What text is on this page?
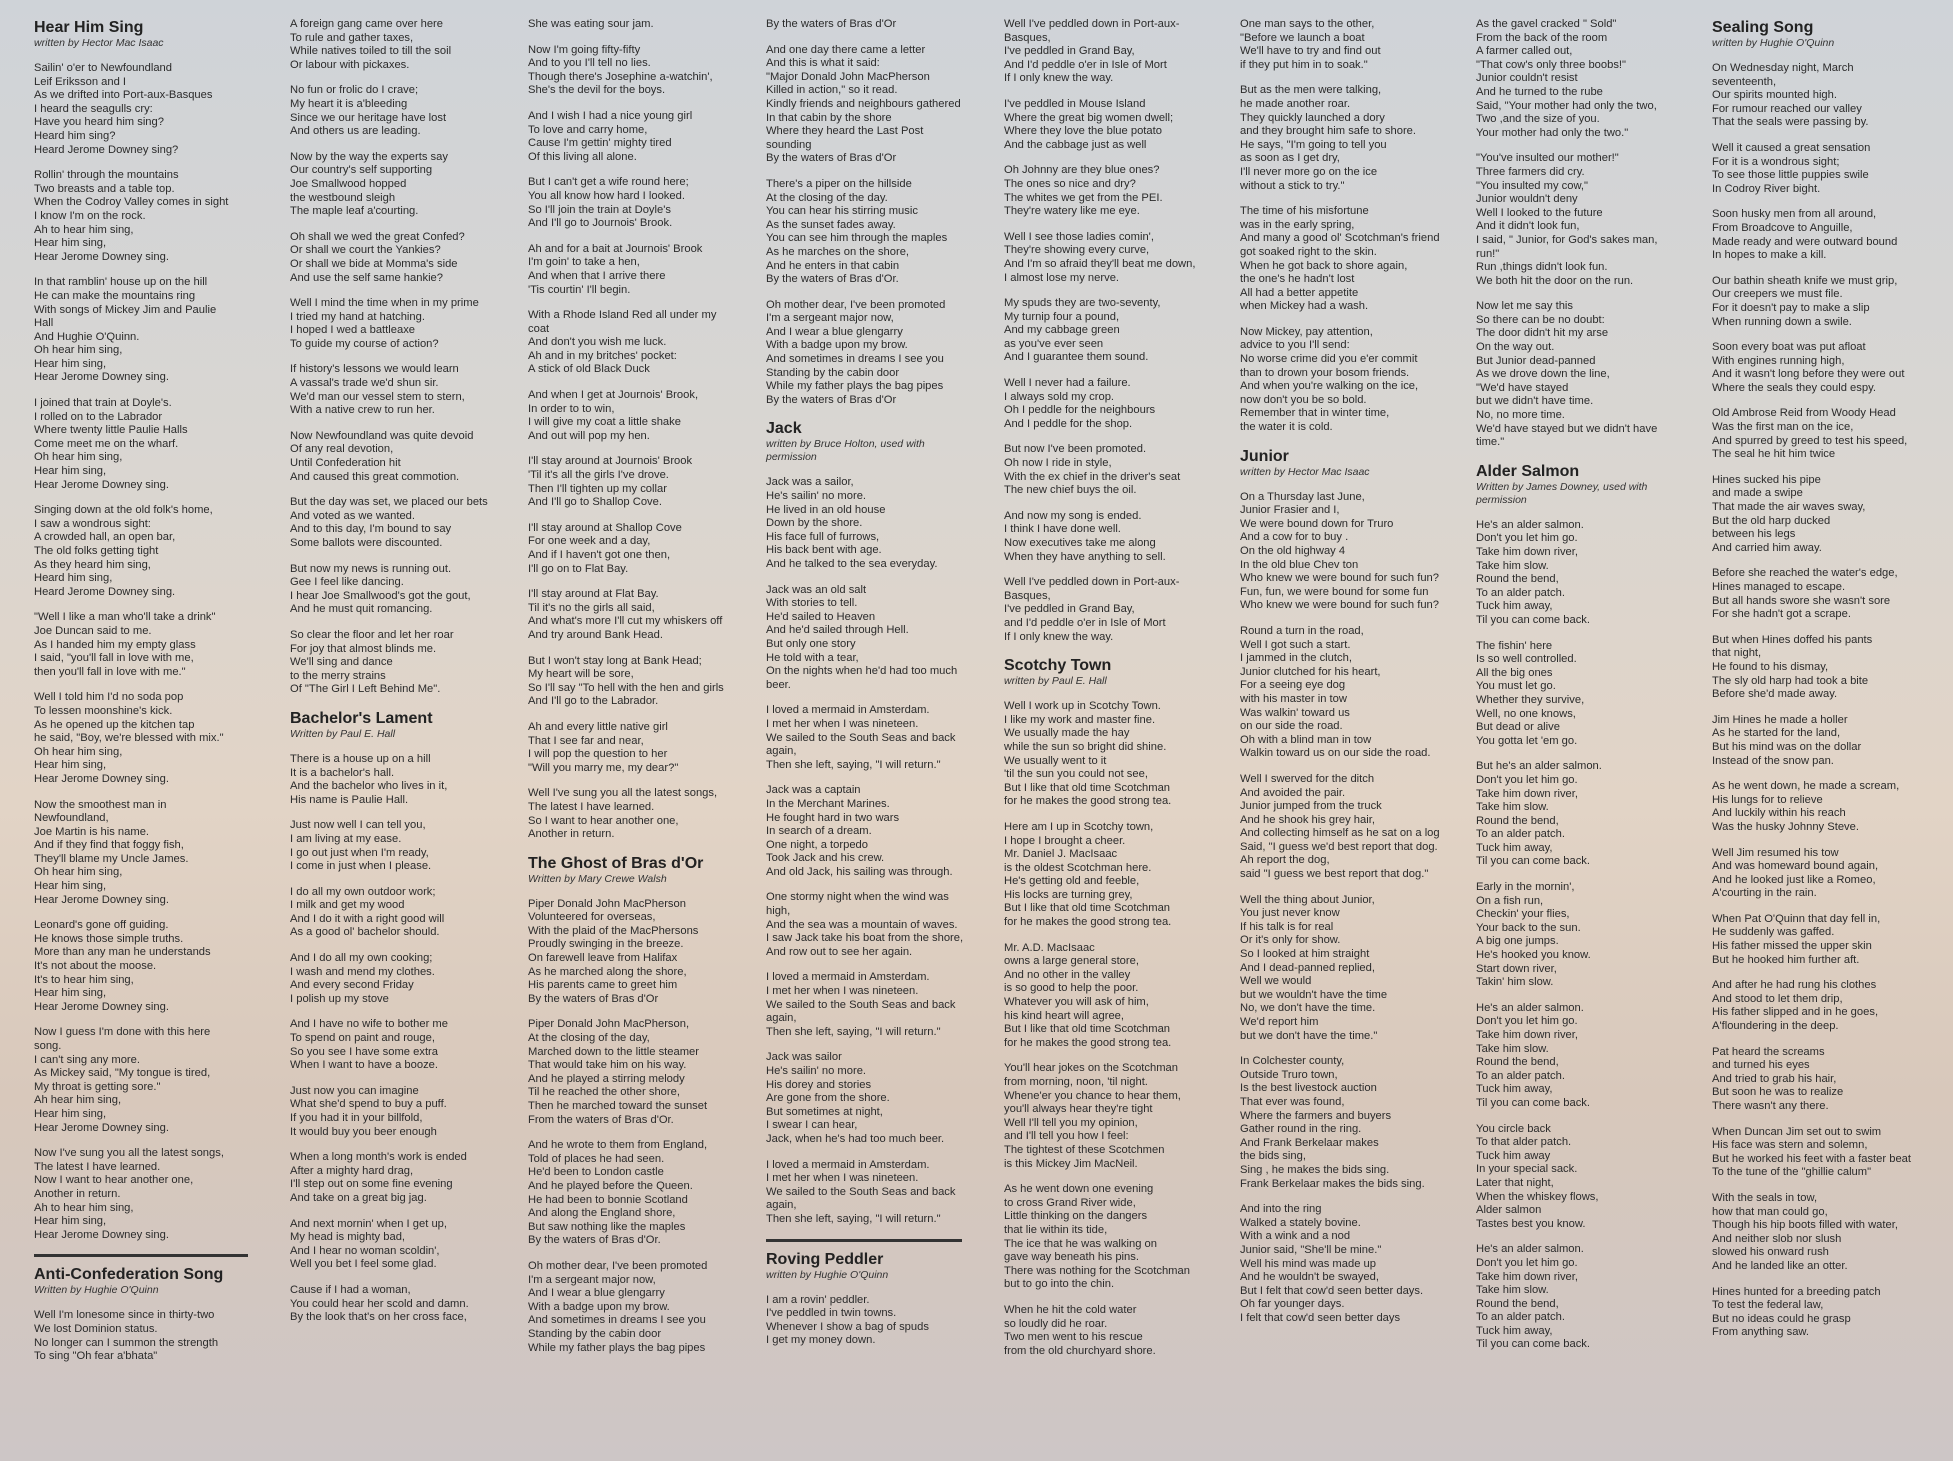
Hear Him Sing

written by Hector Mac Isaac

Sailin' o'er to Newfoundland
Leif Eriksson and I
As we drifted into Port-aux-Basques
I heard the seagulls cry:
Have you heard him sing?
Heard him sing?
Heard Jerome Downey sing?
Rollin' through the mountains
Two breasts and a table top.
When the Codroy Valley comes in sight
I know I'm on the rock.
Ah to hear him sing,
Hear him sing,
Hear Jerome Downey sing.
In that ramblin' house up on the hill
He can make the mountains ring
With songs of Mickey Jim and Paulie
Hall
And Hughie O'Quinn.
Oh hear him sing,
Hear him sing,
Hear Jerome Downey sing.
I joined that train at Doyle's.
I rolled on to the Labrador
Where twenty little Paulie Halls
Come meet me on the wharf.
Oh hear him sing,
Hear him sing,
Hear Jerome Downey sing.
Singing down at the old folk's home,
I saw a wondrous sight:
A crowded hall, an open bar,
The old folks getting tight
As they heard him sing,
Heard him sing,
Heard Jerome Downey sing.
"Well I like a man who'll take a drink"
Joe Duncan said to me.
As I handed him my empty glass
I said, "you'll fall in love with me,
then you'll fall in love with me."
Well I told him I'd no soda pop
To lessen moonshine's kick.
As he opened up the kitchen tap
he said, "Boy, we're blessed with mix."
Oh hear him sing,
Hear him sing,
Hear Jerome Downey sing.
Now the smoothest man in
Newfoundland,
Joe Martin is his name.
And if they find that foggy fish,
They'll blame my Uncle James.
Oh hear him sing,
Hear him sing,
Hear Jerome Downey sing.
Leonard's gone off guiding.
He knows those simple truths.
More than any man he understands
It's not about the moose.
It's to hear him sing,
Hear him sing,
Hear Jerome Downey sing.
Now I guess I'm done with this here
song.
I can't sing any more.
As Mickey said, "My tongue is tired,
My throat is getting sore."
Ah hear him sing,
Hear him sing,
Hear Jerome Downey sing.
Now I've sung you all the latest songs,
The latest I have learned.
Now I want to hear another one,
Another in return.
Ah to hear him sing,
Hear him sing,
Hear Jerome Downey sing.
Anti-Confederation Song

Written by Hughie O'Quinn

Well I'm lonesome since in thirty-two
We lost Dominion status.
No longer can I summon the strength
To sing "Oh fear a'bhata"
A foreign gang came over here
To rule and gather taxes,
While natives toiled to till the soil
Or labour with pickaxes.
No fun or frolic do I crave;
My heart it is a'bleeding
Since we our heritage have lost
And others us are leading.
Now by the way the experts say
Our country's self supporting
Joe Smallwood hopped
the westbound sleigh
The maple leaf a'courting.
Oh shall we wed the great Confed?
Or shall we court the Yankies?
Or shall we bide at Momma's side
And use the self same hankie?
Well I mind the time when in my prime
I tried my hand at hatching.
I hoped I wed a battleaxe
To guide my course of action?
If history's lessons we would learn
A vassal's trade we'd shun sir.
We'd man our vessel stem to stern,
With a native crew to run her.
Now Newfoundland was quite devoid
Of any real devotion,
Until Confederation hit
And caused this great commotion.
But the day was set, we placed our bets
And voted as we wanted.
And to this day, I'm bound to say
Some ballots were discounted.
But now my news is running out.
Gee I feel like dancing.
I hear Joe Smallwood's got the gout,
And he must quit romancing.
So clear the floor and let her roar
For joy that almost blinds me.
We'll sing and dance
to the merry strains
Of "The Girl I Left Behind Me".
Bachelor's Lament

Written by Paul E. Hall

There is a house up on a hill
It is a bachelor's hall.
And the bachelor who lives in it,
His name is Paulie Hall.
Just now well I can tell you,
I am living at my ease.
I go out just when I'm ready,
I come in just when I please.
I do all my own outdoor work;
I milk and get my wood
And I do it with a right good will
As a good ol' bachelor should.
And I do all my own cooking;
I wash and mend my clothes.
And every second Friday
I polish up my stove
And I have no wife to bother me
To spend on paint and rouge,
So you see I have some extra
When I want to have a booze.
Just now you can imagine
What she'd spend to buy a puff.
If you had it in your billfold,
It would buy you beer enough
When a long month's work is ended
After a mighty hard drag,
I'll step out on some fine evening
And take on a great big jag.
And next mornin' when I get up,
My head is mighty bad,
And I hear no woman scoldin',
Well you bet I feel some glad.
Cause if I had a woman,
You could hear her scold and damn.
By the look that's on her cross face,
She was eating sour jam.
Now I'm going fifty-fifty
And to you I'll tell no lies.
Though there's Josephine a-watchin',
She's the devil for the boys.
And I wish I had a nice young girl
To love and carry home,
Cause I'm gettin' mighty tired
Of this living all alone.
But I can't get a wife round here;
You all know how hard I looked.
So I'll join the train at Doyle's
And I'll go to Journois' Brook.
Ah and for a bait at Journois' Brook
I'm goin' to take a hen,
And when that I arrive there
'Tis courtin' I'll begin.
With a Rhode Island Red all under my
coat
And don't you wish me luck.
Ah and in my britches' pocket:
A stick of old Black Duck
And when I get at Journois' Brook,
In order to to win,
I will give my coat a little shake
And out will pop my hen.
I'll stay around at Journois' Brook
'Til it's all the girls I've drove.
Then I'll tighten up my collar
And I'll go to Shallop Cove.
I'll stay around at Shallop Cove
For one week and a day,
And if I haven't got one then,
I'll go on to Flat Bay.
I'll stay around at Flat Bay.
Til it's no the girls all said,
And what's more I'll cut my whiskers off
And try around Bank Head.
But I won't stay long at Bank Head;
My heart will be sore,
So I'll say "To hell with the hen and girls
And I'll go to the Labrador.
Ah and every little native girl
That I see far and near,
I will pop the question to her
"Will you marry me, my dear?"
Well I've sung you all the latest songs,
The latest I have learned.
So I want to hear another one,
Another in return.
The Ghost of Bras d'Or

Written by Mary Crewe Walsh

Piper Donald John MacPherson
Volunteered for overseas,
With the plaid of the MacPhersons
Proudly swinging in the breeze.
On farewell leave from Halifax
As he marched along the shore,
His parents came to greet him
By the waters of Bras d'Or
Piper Donald John MacPherson,
At the closing of the day,
Marched down to the little steamer
That would take him on his way.
And he played a stirring melody
Til he reached the other shore,
Then he marched toward the sunset
From the waters of Bras d'Or.
And he wrote to them from England,
Told of places he had seen.
He'd been to London castle
And he played before the Queen.
He had been to bonnie Scotland
And along the England shore,
But saw nothing like the maples
By the waters of Bras d'Or.
Oh mother dear, I've been promoted
I'm a sergeant major now,
And I wear a blue glengarry
With a badge upon my brow.
And sometimes in dreams I see you
Standing by the cabin door
While my father plays the bag pipes
By the waters of Bras d'Or
And one day there came a letter
And this is what it said:
"Major Donald John MacPherson
Killed in action," so it read.
Kindly friends and neighbours gathered
In that cabin by the shore
Where they heard the Last Post
sounding
By the waters of Bras d'Or
There's a piper on the hillside
At the closing of the day.
You can hear his stirring music
As the sunset fades away.
You can see him through the maples
As he marches on the shore,
And he enters in that cabin
By the waters of Bras d'Or.
Oh mother dear, I've been promoted
I'm a sergeant major now,
And I wear a blue glengarry
With a badge upon my brow.
And sometimes in dreams I see you
Standing by the cabin door
While my father plays the bag pipes
By the waters of Bras d'Or
Jack

written by Bruce Holton, used with permission

Jack was a sailor,
He's sailin' no more.
He lived in an old house
Down by the shore.
His face full of furrows,
His back bent with age.
And he talked to the sea everyday.
Jack was an old salt
With stories to tell.
He'd sailed to Heaven
And he'd sailed through Hell.
But only one story
He told with a tear,
On the nights when he'd had too much
beer.
I loved a mermaid in Amsterdam.
I met her when I was nineteen.
We sailed to the South Seas and back
again,
Then she left, saying, "I will return."
Jack was a captain
In the Merchant Marines.
He fought hard in two wars
In search of a dream.
One night, a torpedo
Took Jack and his crew.
And old Jack, his sailing was through.
One stormy night when the wind was
high,
And the sea was a mountain of waves.
I saw Jack take his boat from the shore,
And row out to see her again.
I loved a mermaid in Amsterdam.
I met her when I was nineteen.
We sailed to the South Seas and back
again,
Then she left, saying, "I will return."
Jack was sailor
He's sailin' no more.
His dorey and stories
Are gone from the shore.
But sometimes at night,
I swear I can hear,
Jack, when he's had too much beer.
I loved a mermaid in Amsterdam.
I met her when I was nineteen.
We sailed to the South Seas and back
again,
Then she left, saying, "I will return."
Roving Peddler

written by Hughie O'Quinn

I am a rovin' peddler.
I've peddled in twin towns.
Whenever I show a bag of spuds
I get my money down.
Well I've peddled down in Port-aux-
Basques,
I've peddled in Grand Bay,
And I'd peddle o'er in Isle of Mort
If I only knew the way.
I've peddled in Mouse Island
Where the great big women dwell;
Where they love the blue potato
And the cabbage just as well
Oh Johnny are they blue ones?
The ones so nice and dry?
The whites we get from the PEI.
They're watery like me eye.
Well I see those ladies comin',
They're showing every curve,
And I'm so afraid they'll beat me down,
I almost lose my nerve.
My spuds they are two-seventy,
My turnip four a pound,
And my cabbage green
as you've ever seen
And I guarantee them sound.
Well I never had a failure.
I always sold my crop.
Oh I peddle for the neighbours
And I peddle for the shop.
But now I've been promoted.
Oh now I ride in style,
With the ex chief in the driver's seat
The new chief buys the oil.
And now my song is ended.
I think I have done well.
Now executives take me along
When they have anything to sell.
Well I've peddled down in Port-aux-
Basques,
I've peddled in Grand Bay,
and I'd peddle o'er in Isle of Mort
If I only knew the way.
Scotchy Town

written by Paul E. Hall

Well I work up in Scotchy Town.
I like my work and master fine.
We usually made the hay
while the sun so bright did shine.
We usually went to it
'til the sun you could not see,
But I like that old time Scotchman
for he makes the good strong tea.
Here am I up in Scotchy town,
I hope I brought a cheer.
Mr. Daniel J. MacIsaac
is the oldest Scotchman here.
He's getting old and feeble,
His locks are turning grey,
But I like that old time Scotchman
for he makes the good strong tea.
Mr. A.D. MacIsaac
owns a large general store,
And no other in the valley
is so good to help the poor.
Whatever you will ask of him,
his kind heart will agree,
But I like that old time Scotchman
for he makes the good strong tea.
You'll hear jokes on the Scotchman
from morning, noon, 'til night.
Whene'er you chance to hear them,
you'll always hear they're tight
Well I'll tell you my opinion,
and I'll tell you how I feel:
The tightest of these Scotchmen
is this Mickey Jim MacNeil.
As he went down one evening
to cross Grand River wide,
Little thinking on the dangers
that lie within its tide,
The ice that he was walking on
gave way beneath his pins.
There was nothing for the Scotchman
but to go into the chin.
When he hit the cold water
so loudly did he roar.
Two men went to his rescue
from the old churchyard shore.
One man says to the other,
"Before we launch a boat
We'll have to try and find out
if they put him in to soak."
But as the men were talking,
he made another roar.
They quickly launched a dory
and they brought him safe to shore.
He says, "I'm going to tell you
as soon as I get dry,
I'll never more go on the ice
without a stick to try."
The time of his misfortune
was in the early spring,
And many a good ol' Scotchman's friend
got soaked right to the skin.
When he got back to shore again,
the one's he hadn't lost
All had a better appetite
when Mickey had a wash.
Now Mickey, pay attention,
advice to you I'll send:
No worse crime did you e'er commit
than to drown your bosom friends.
And when you're walking on the ice,
now don't you be so bold.
Remember that in winter time,
the water it is cold.
Junior

written by Hector Mac Isaac

On a Thursday last June,
Junior Frasier and I,
We were bound down for Truro
And a cow for to buy .
On the old highway 4
In the old blue Chev ton
Who knew we were bound for such fun?
Fun, fun, we were bound for some fun
Who knew we were bound for such fun?
Round a turn in the road,
Well I got such a start.
I jammed in the clutch,
Junior clutched for his heart,
For a seeing eye dog
with his master in tow
Was walkin' toward us
on our side the road.
Oh with a blind man in tow
Walkin toward us on our side the road.
Well I swerved for the ditch
And avoided the pair.
Junior jumped from the truck
And he shook his grey hair,
And collecting himself as he sat on a log
Said, "I guess we'd best report that dog.
Ah report the dog,
said "I guess we best report that dog."
Well the thing about Junior,
You just never know
If his talk is for real
Or it's only for show.
So I looked at him straight
And I dead-panned replied,
Well we would
but we wouldn't have the time
No, we don't have the time.
We'd report him
but we don't have the time."
In Colchester county,
Outside Truro town,
Is the best livestock auction
That ever was found,
Where the farmers and buyers
Gather round in the ring.
And Frank Berkelaar makes
the bids sing,
Sing , he makes the bids sing.
Frank Berkelaar makes the bids sing.
And into the ring
Walked a stately bovine.
With a wink and a nod
Junior said, "She'll be mine."
Well his mind was made up
And he wouldn't be swayed,
But I felt that cow'd seen better days.
Oh far younger days.
I felt that cow'd seen better days
As the gavel cracked " Sold"
From the back of the room
A farmer called out,
"That cow's only three boobs!"
Junior couldn't resist
And he turned to the rube
Said, "Your mother had only the two,
Two ,and the size of you.
Your mother had only the two."
"You've insulted our mother!"
Three farmers did cry.
"You insulted my cow,"
Junior wouldn't deny
Well I looked to the future
And it didn't look fun,
I said, " Junior, for God's sakes man,
run!"
Run ,things didn't look fun.
We both hit the door on the run.
Now let me say this
So there can be no doubt:
The door didn't hit my arse
On the way out.
But Junior dead-panned
As we drove down the line,
"We'd have stayed
but we didn't have time.
No, no more time.
We'd have stayed but we didn't have
time."
Alder Salmon

Written by James Downey, used with permission

He's an alder salmon.
Don't you let him go.
Take him down river,
Take him slow.
Round the bend,
To an alder patch.
Tuck him away,
Til you can come back.
The fishin' here
Is so well controlled.
All the big ones
You must let go.
Whether they survive,
Well, no one knows,
But dead or alive
You gotta let 'em go.
But he's an alder salmon.
Don't you let him go.
Take him down river,
Take him slow.
Round the bend,
To an alder patch.
Tuck him away,
Til you can come back.
Early in the mornin',
On a fish run,
Checkin' your flies,
Your back to the sun.
A big one jumps.
He's hooked you know.
Start down river,
Takin' him slow.
He's an alder salmon.
Don't you let him go.
Take him down river,
Take him slow.
Round the bend,
To an alder patch.
Tuck him away,
Til you can come back.
You circle back
To that alder patch.
Tuck him away
In your special sack.
Later that night,
When the whiskey flows,
Alder salmon
Tastes best you know.
He's an alder salmon.
Don't you let him go.
Take him down river,
Take him slow.
Round the bend,
To an alder patch.
Tuck him away,
Til you can come back.
Sealing Song

written by Hughie O'Quinn

On Wednesday night, March
seventeenth,
Our spirits mounted high.
For rumour reached our valley
That the seals were passing by.
Well it caused a great sensation
For it is a wondrous sight;
To see those little puppies swile
In Codroy River bight.
Soon husky men from all around,
From Broadcove to Anguille,
Made ready and were outward bound
In hopes to make a kill.
Our bathin sheath knife we must grip,
Our creepers we must file.
For it doesn't pay to make a slip
When running down a swile.
Soon every boat was put afloat
With engines running high,
And it wasn't long before they were out
Where the seals they could espy.
Old Ambrose Reid from Woody Head
Was the first man on the ice,
And spurred by greed to test his speed,
The seal he hit him twice
Hines sucked his pipe
and made a swipe
That made the air waves sway,
But the old harp ducked
between his legs
And carried him away.
Before she reached the water's edge,
Hines managed to escape.
But all hands swore she wasn't sore
For she hadn't got a scrape.
But when Hines doffed his pants
that night,
He found to his dismay,
The sly old harp had took a bite
Before she'd made away.
Jim Hines he made a holler
As he started for the land,
But his mind was on the dollar
Instead of the snow pan.
As he went down, he made a scream,
His lungs for to relieve
And luckily within his reach
Was the husky Johnny Steve.
Well Jim resumed his tow
And was homeward bound again,
And he looked just like a Romeo,
A'courting in the rain.
When Pat O'Quinn that day fell in,
He suddenly was gaffed.
His father missed the upper skin
But he hooked him further aft.
And after he had rung his clothes
And stood to let them drip,
His father slipped and in he goes,
A'floundering in the deep.
Pat heard the screams
and turned his eyes
And tried to grab his hair,
But soon he was to realize
There wasn't any there.
When Duncan Jim set out to swim
His face was stern and solemn,
But he worked his feet with a faster beat
To the tune of the "ghillie calum"
With the seals in tow,
how that man could go,
Though his hip boots filled with water,
And neither slob nor slush
slowed his onward rush
And he landed like an otter.
Hines hunted for a breeding patch
To test the federal law,
But no ideas could he grasp
From anything saw.
